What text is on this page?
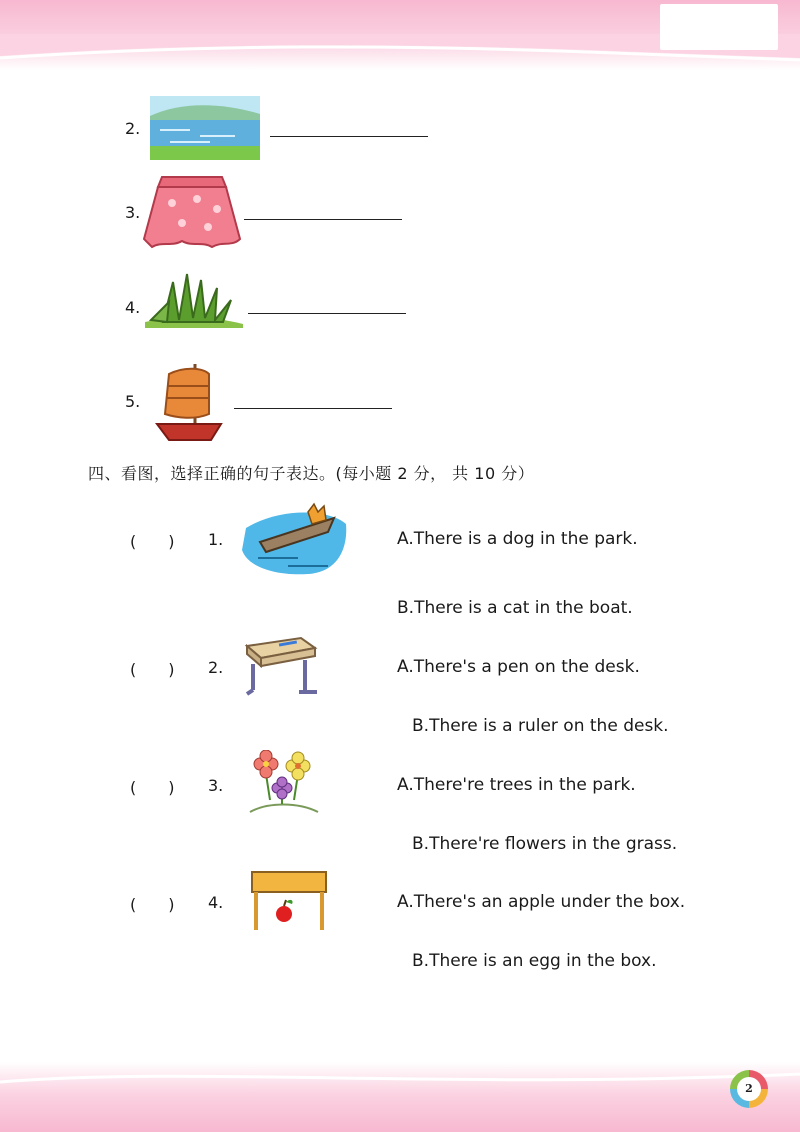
2.
3.
4.
5.
四、看图，选择正确的句子表达。(每小题 2 分， 共 10 分）
(　　) 1.	A.There is a dog in the park.
B.There is a cat in the boat.
(　　) 2.	A.There's a pen on the desk.
B.There is a ruler on the desk.
(　　) 3.	A.There're trees in the park.
B.There're flowers in the grass.
(　　) 4.	A.There's an apple under the box.
B.There is an egg in the box.
2
